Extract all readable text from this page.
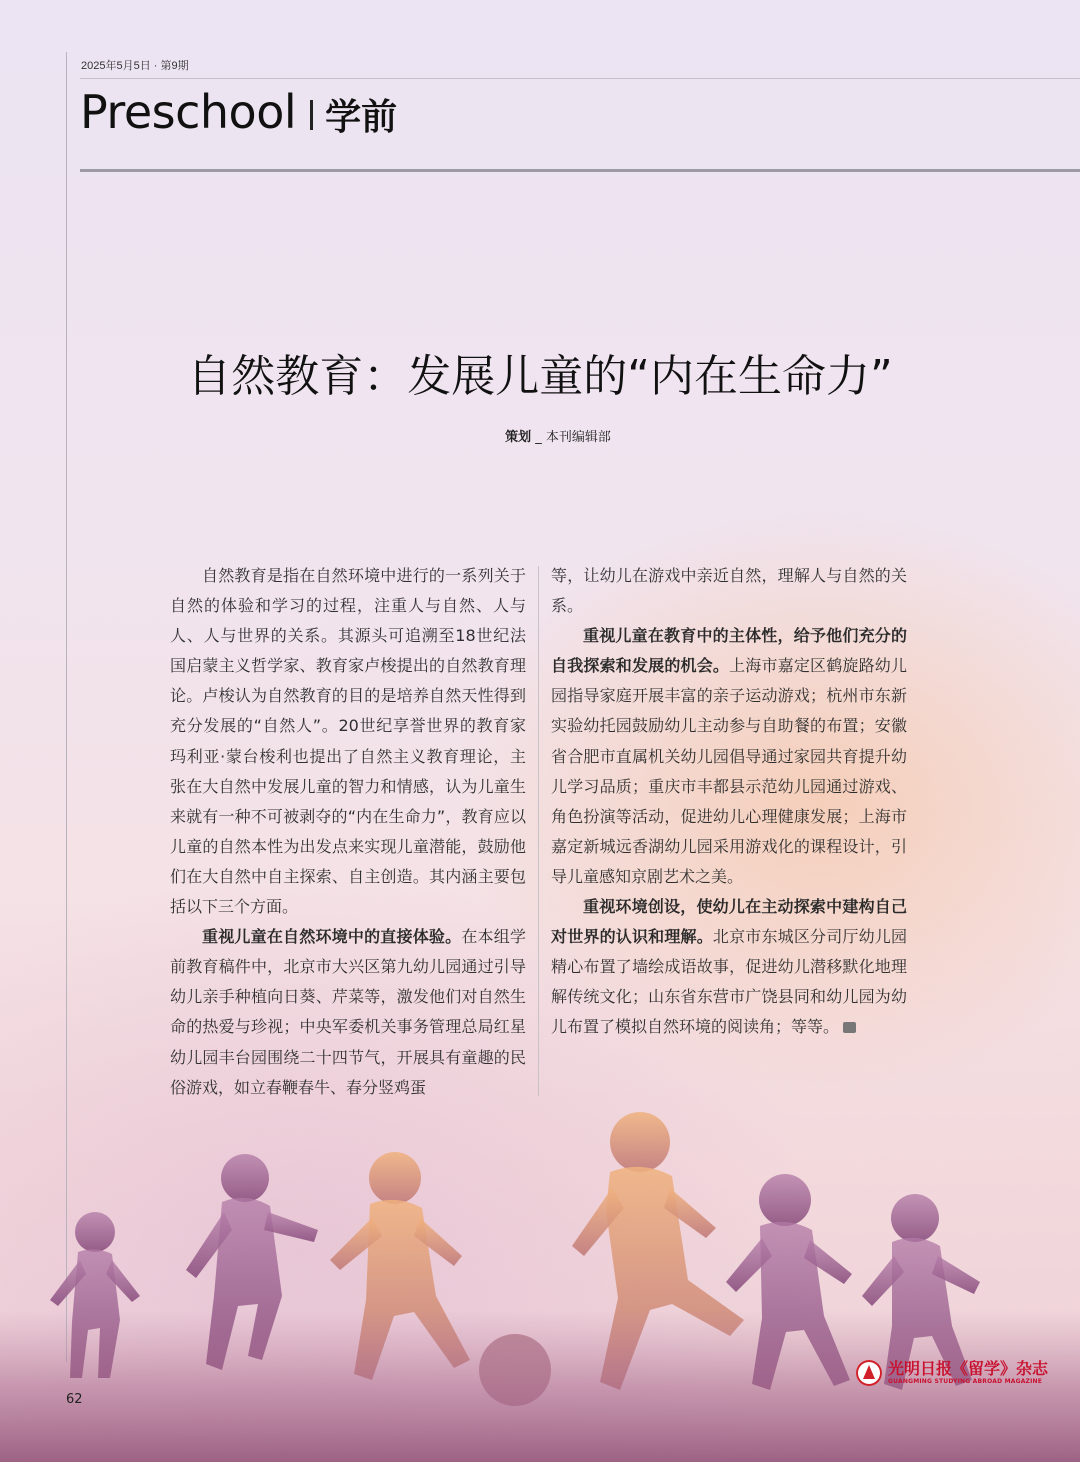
2025年5月5日 · 第9期
Preschool 学前
自然教育：发展儿童的“内在生命力”
策划 _ 本刊编辑部

自然教育是指在自然环境中进行的一系列关于自然的体验和学习的过程，注重人与自然、人与人、人与世界的关系。其源头可追溯至18世纪法国启蒙主义哲学家、教育家卢梭提出的自然教育理论。卢梭认为自然教育的目的是培养自然天性得到充分发展的“自然人”。20世纪享誉世界的教育家玛利亚·蒙台梭利也提出了自然主义教育理论，主张在大自然中发展儿童的智力和情感，认为儿童生来就有一种不可被剥夺的“内在生命力”，教育应以儿童的自然本性为出发点来实现儿童潜能，鼓励他们在大自然中自主探索、自主创造。其内涵主要包括以下三个方面。

重视儿童在自然环境中的直接体验。在本组学前教育稿件中，北京市大兴区第九幼儿园通过引导幼儿亲手种植向日葵、芹菜等，激发他们对自然生命的热爱与珍视；中央军委机关事务管理总局红星幼儿园丰台园围绕二十四节气，开展具有童趣的民俗游戏，如立春鞭春牛、春分竖鸡蛋

等，让幼儿在游戏中亲近自然，理解人与自然的关系。

重视儿童在教育中的主体性，给予他们充分的自我探索和发展的机会。上海市嘉定区鹤旋路幼儿园指导家庭开展丰富的亲子运动游戏；杭州市东新实验幼托园鼓励幼儿主动参与自助餐的布置；安徽省合肥市直属机关幼儿园倡导通过家园共育提升幼儿学习品质；重庆市丰都县示范幼儿园通过游戏、角色扮演等活动，促进幼儿心理健康发展；上海市嘉定新城远香湖幼儿园采用游戏化的课程设计，引导儿童感知京剧艺术之美。

重视环境创设，使幼儿在主动探索中建构自己对世界的认识和理解。北京市东城区分司厅幼儿园精心布置了墙绘成语故事，促进幼儿潜移默化地理解传统文化；山东省东营市广饶县同和幼儿园为幼儿布置了模拟自然环境的阅读角；等等。

62
光明日报《留学》杂志
GUANGMING STUDYING ABROAD MAGAZINE
